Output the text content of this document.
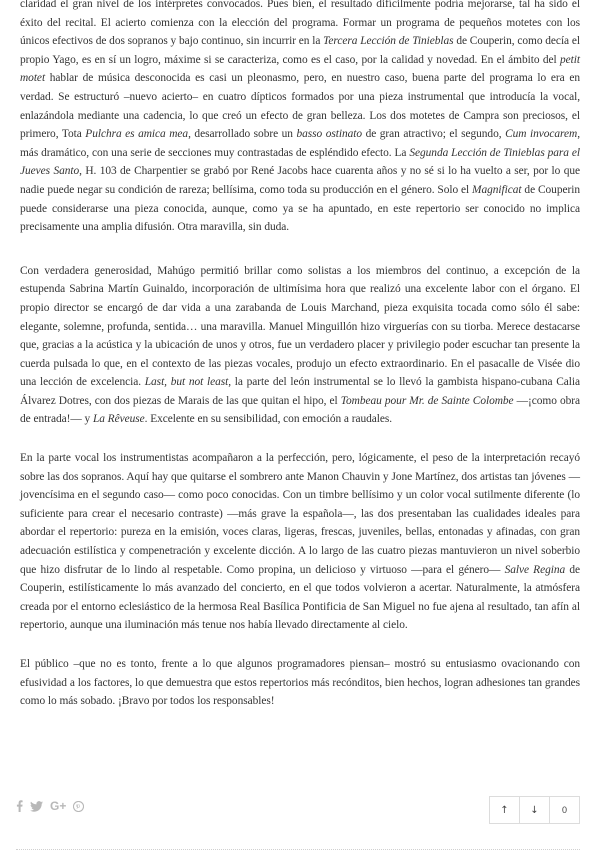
claridad el gran nivel de los intérpretes convocados. Pues bien, el resultado difícilmente podría mejorarse, tal ha sido el éxito del recital. El acierto comienza con la elección del programa. Formar un programa de pequeños motetes con los únicos efectivos de dos sopranos y bajo continuo, sin incurrir en la Tercera Lección de Tinieblas de Couperin, como decía el propio Yago, es en sí un logro, máxime si se caracteriza, como es el caso, por la calidad y novedad. En el ámbito del petit motet hablar de música desconocida es casi un pleonasmo, pero, en nuestro caso, buena parte del programa lo era en verdad. Se estructuró –nuevo acierto– en cuatro dípticos formados por una pieza instrumental que introducía la vocal, enlazándola mediante una cadencia, lo que creó un efecto de gran belleza. Los dos motetes de Campra son preciosos, el primero, Tota Pulchra es amica mea, desarrollado sobre un basso ostinato de gran atractivo; el segundo, Cum invocarem, más dramático, con una serie de secciones muy contrastadas de espléndido efecto. La Segunda Lección de Tinieblas para el Jueves Santo, H. 103 de Charpentier se grabó por René Jacobs hace cuarenta años y no sé si lo ha vuelto a ser, por lo que nadie puede negar su condición de rareza; bellísima, como toda su producción en el género. Solo el Magnificat de Couperin puede considerarse una pieza conocida, aunque, como ya se ha apuntado, en este repertorio ser conocido no implica precisamente una amplia difusión. Otra maravilla, sin duda.

Con verdadera generosidad, Mahúgo permitió brillar como solistas a los miembros del continuo, a excepción de la estupenda Sabrina Martín Guinaldo, incorporación de ultimísima hora que realizó una excelente labor con el órgano. El propio director se encargó de dar vida a una zarabanda de Louis Marchand, pieza exquisita tocada como sólo él sabe: elegante, solemne, profunda, sentida… una maravilla. Manuel Minguillón hizo virguerías con su tiorba. Merece destacarse que, gracias a la acústica y la ubicación de unos y otros, fue un verdadero placer y privilegio poder escuchar tan presente la cuerda pulsada lo que, en el contexto de las piezas vocales, produjo un efecto extraordinario. En el pasacalle de Visée dio una lección de excelencia. Last, but not least, la parte del león instrumental se lo llevó la gambista hispano-cubana Calia Álvarez Dotres, con dos piezas de Marais de las que quitan el hipo, el Tombeau pour Mr. de Sainte Colombe —¡como obra de entrada!— y La Rêveuse. Excelente en su sensibilidad, con emoción a raudales.

En la parte vocal los instrumentistas acompañaron a la perfección, pero, lógicamente, el peso de la interpretación recayó sobre las dos sopranos. Aquí hay que quitarse el sombrero ante Manon Chauvin y Jone Martínez, dos artistas tan jóvenes —jovencísima en el segundo caso— como poco conocidas. Con un timbre bellísimo y un color vocal sutilmente diferente (lo suficiente para crear el necesario contraste) —más grave la española—, las dos presentaban las cualidades ideales para abordar el repertorio: pureza en la emisión, voces claras, ligeras, frescas, juveniles, bellas, entonadas y afinadas, con gran adecuación estilística y compenetración y excelente dicción. A lo largo de las cuatro piezas mantuvieron un nivel soberbio que hizo disfrutar de lo lindo al respetable. Como propina, un delicioso y virtuoso —para el género— Salve Regina de Couperin, estilísticamente lo más avanzado del concierto, en el que todos volvieron a acertar. Naturalmente, la atmósfera creada por el entorno eclesiástico de la hermosa Real Basílica Pontificia de San Miguel no fue ajena al resultado, tan afín al repertorio, aunque una iluminación más tenue nos había llevado directamente al cielo.

El público –que no es tonto, frente a lo que algunos programadores piensan– mostró su entusiasmo ovacionando con efusividad a los factores, lo que demuestra que estos repertorios más recónditos, bien hechos, logran adhesiones tan grandes como lo más sobado. ¡Bravo por todos los responsables!

G+	↑	↓	0
